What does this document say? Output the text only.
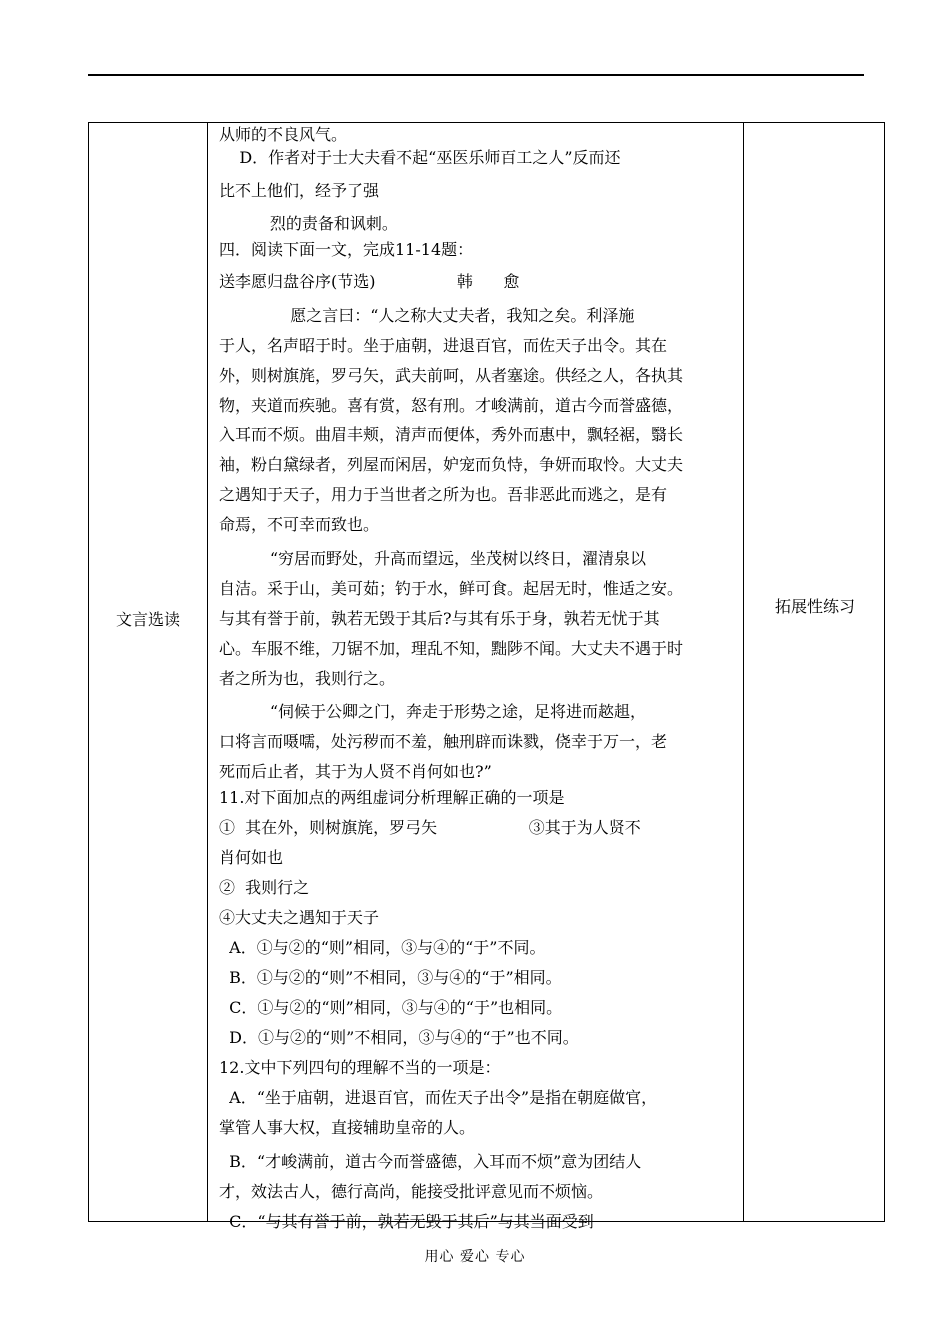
文言选读
从师的不良风气。
D．作者对于士大夫看不起“巫医乐师百工之人”反而还
比不上他们，经予了强
烈的责备和讽刺。
四．阅读下面一文，完成11-14题：
送李愿归盘谷序(节选)                韩      愈
愿之言曰：“人之称大丈夫者，我知之矣。利泽施
于人，名声昭于时。坐于庙朝，进退百官，而佐天子出令。其在
外，则树旗旄，罗弓矢，武夫前呵，从者塞途。供经之人，各执其
物，夹道而疾驰。喜有赏，怒有刑。才峻满前，道古今而誉盛德，
入耳而不烦。曲眉丰颊，清声而便体，秀外而惠中，飘轻裾，翳长
袖，粉白黛绿者，列屋而闲居，妒宠而负恃，争妍而取怜。大丈夫
之遇知于天子，用力于当世者之所为也。吾非恶此而逃之，是有
命焉，不可幸而致也。
“穷居而野处，升高而望远，坐茂树以终日，濯清泉以
自洁。采于山，美可茹；钓于水，鲜可食。起居无时，惟适之安。
与其有誉于前，孰若无毁于其后?与其有乐于身，孰若无忧于其
心。车服不维，刀锯不加，理乱不知，黜陟不闻。大丈夫不遇于时
者之所为也，我则行之。
“伺候于公卿之门，奔走于形势之途，足将进而趑趄，
口将言而嗫嚅，处污秽而不羞，触刑辟而诛戮，侥幸于万一，老
死而后止者，其于为人贤不肖何如也?”
11.对下面加点的两组虚词分析理解正确的一项是
①  其在外，则树旗旄，罗弓矢                  ③其于为人贤不
肖何如也
②  我则行之
④大丈夫之遇知于天子
A．①与②的“则”相同，③与④的“于”不同。
B．①与②的“则”不相同，③与④的“于”相同。
C．①与②的“则”相同，③与④的“于”也相同。
D．①与②的“则”不相同，③与④的“于”也不同。
12.文中下列四句的理解不当的一项是：
A．“坐于庙朝，进退百官，而佐天子出令”是指在朝庭做官，
掌管人事大权，直接辅助皇帝的人。
B．“才峻满前，道古今而誉盛德，入耳而不烦”意为团结人
才，效法古人，德行高尚，能接受批评意见而不烦恼。
C．“与其有誉于前，孰若无毁于其后”与其当面受到
拓展性练习
用心 爱心 专心
